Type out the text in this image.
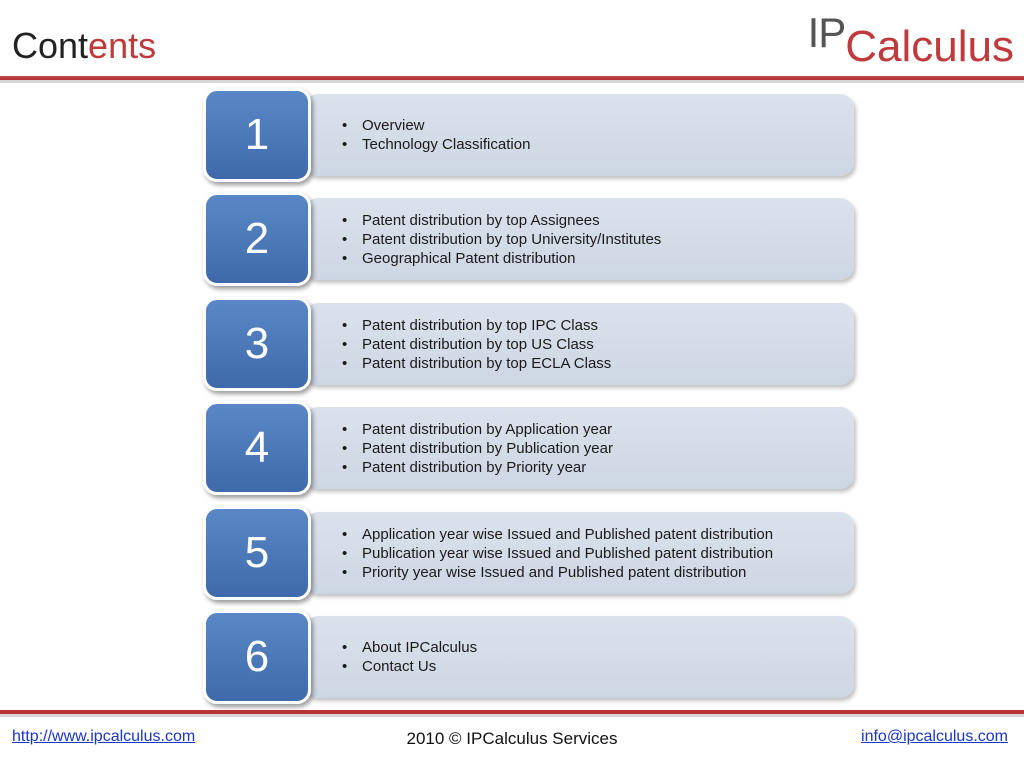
Contents	IP Calculus
1	• Overview
• Technology Classification
2	• Patent distribution by top Assignees
• Patent distribution by top University/Institutes
• Geographical Patent distribution
3	• Patent distribution by top IPC Class
• Patent distribution by top US Class
• Patent distribution by top ECLA Class
4	• Patent distribution by Application year
• Patent distribution by Publication year
• Patent distribution by Priority year
5	• Application year wise Issued and Published patent distribution
• Publication year wise Issued and Published patent distribution
• Priority year wise Issued and Published patent distribution
6	• About IPCalculus
• Contact Us
http://www.ipcalculus.com	2010 © IPCalculus Services	info@ipcalculus.com
